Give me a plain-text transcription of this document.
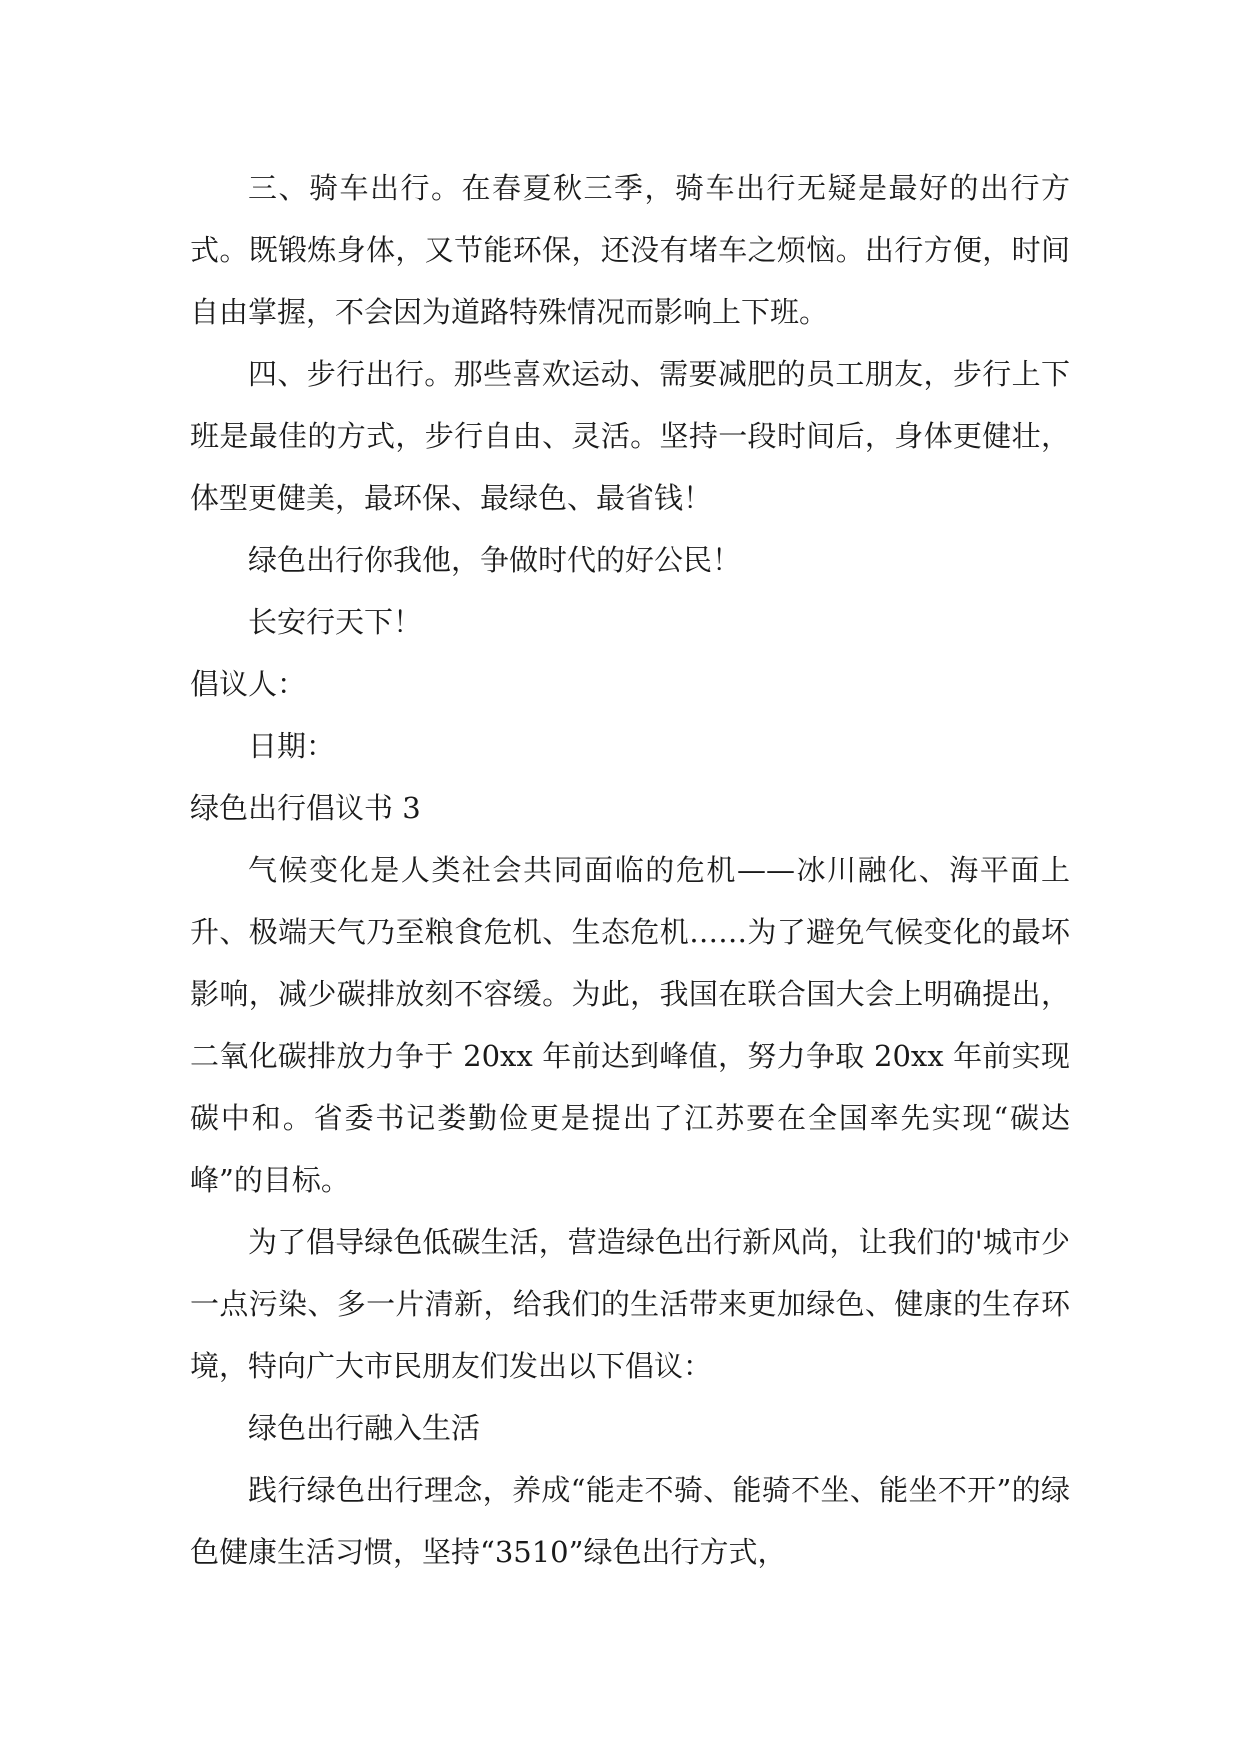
三、骑车出行。在春夏秋三季，骑车出行无疑是最好的出行方式。既锻炼身体，又节能环保，还没有堵车之烦恼。出行方便，时间自由掌握，不会因为道路特殊情况而影响上下班。

四、步行出行。那些喜欢运动、需要减肥的员工朋友，步行上下班是最佳的方式，步行自由、灵活。坚持一段时间后，身体更健壮，体型更健美，最环保、最绿色、最省钱！

绿色出行你我他，争做时代的好公民！

长安行天下！

倡议人：

日期：

绿色出行倡议书 3

气候变化是人类社会共同面临的危机——冰川融化、海平面上升、极端天气乃至粮食危机、生态危机……为了避免气候变化的最坏影响，减少碳排放刻不容缓。为此，我国在联合国大会上明确提出，二氧化碳排放力争于 20xx 年前达到峰值，努力争取 20xx 年前实现碳中和。省委书记娄勤俭更是提出了江苏要在全国率先实现“碳达峰”的目标。

为了倡导绿色低碳生活，营造绿色出行新风尚，让我们的'城市少一点污染、多一片清新，给我们的生活带来更加绿色、健康的生存环境，特向广大市民朋友们发出以下倡议：

绿色出行融入生活

践行绿色出行理念，养成“能走不骑、能骑不坐、能坐不开”的绿色健康生活习惯，坚持“3510”绿色出行方式，
